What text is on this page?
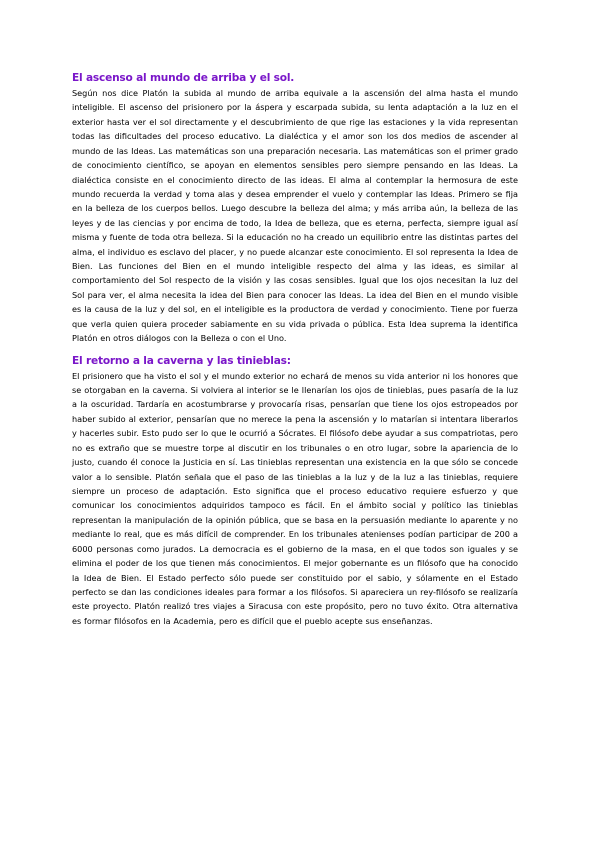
El ascenso al mundo de arriba y el sol.

Según nos dice Platón la subida al mundo de arriba equivale a la ascensión del alma hasta el mundo inteligible. El ascenso del prisionero por la áspera y escarpada subida, su lenta adaptación a la luz en el exterior hasta ver el sol directamente y el descubrimiento de que rige las estaciones y la vida representan todas las dificultades del proceso educativo. La dialéctica y el amor son los dos medios de ascender al mundo de las Ideas. Las matemáticas son una preparación necesaria. Las matemáticas son el primer grado de conocimiento científico, se apoyan en elementos sensibles pero siempre pensando en las Ideas. La dialéctica consiste en el conocimiento directo de las ideas. El alma al contemplar la hermosura de este mundo recuerda la verdad y toma alas y desea emprender el vuelo y contemplar las Ideas. Primero se fija en la belleza de los cuerpos bellos. Luego descubre la belleza del alma; y más arriba aún, la belleza de las leyes y de las ciencias y por encima de todo, la Idea de belleza, que es eterna, perfecta, siempre igual así misma y fuente de toda otra belleza. Si la educación no ha creado un equilibrio entre las distintas partes del alma, el individuo es esclavo del placer, y no puede alcanzar este conocimiento. El sol representa la Idea de Bien. Las funciones del Bien en el mundo inteligible respecto del alma y las ideas, es similar al comportamiento del Sol respecto de la visión y las cosas sensibles. Igual que los ojos necesitan la luz del Sol para ver, el alma necesita la idea del Bien para conocer las Ideas. La idea del Bien en el mundo visible es la causa de la luz y del sol, en el inteligible es la productora de verdad y conocimiento. Tiene por fuerza que verla quien quiera proceder sabiamente en su vida privada o pública. Esta Idea suprema la identifica Platón en otros diálogos con la Belleza o con el Uno.

El retorno a la caverna y las tinieblas:

El prisionero que ha visto el sol y el mundo exterior no echará de menos su vida anterior ni los honores que se otorgaban en la caverna. Si volviera al interior se le llenarían los ojos de tinieblas, pues pasaría de la luz a la oscuridad. Tardaría en acostumbrarse y provocaría risas, pensarían que tiene los ojos estropeados por haber subido al exterior, pensarían que no merece la pena la ascensión y lo matarían si intentara liberarlos y hacerles subir. Esto pudo ser lo que le ocurrió a Sócrates. El filósofo debe ayudar a sus compatriotas, pero no es extraño que se muestre torpe al discutir en los tribunales o en otro lugar, sobre la apariencia de lo justo, cuando él conoce la Justicia en sí. Las tinieblas representan una existencia en la que sólo se concede valor a lo sensible. Platón señala que el paso de las tinieblas a la luz y de la luz a las tinieblas, requiere siempre un proceso de adaptación. Esto significa que el proceso educativo requiere esfuerzo y que comunicar los conocimientos adquiridos tampoco es fácil. En el ámbito social y político las tinieblas representan la manipulación de la opinión pública, que se basa en la persuasión mediante lo aparente y no mediante lo real, que es más difícil de comprender. En los tribunales atenienses podían participar de 200 a 6000 personas como jurados. La democracia es el gobierno de la masa, en el que todos son iguales y se elimina el poder de los que tienen más conocimientos. El mejor gobernante es un filósofo que ha conocido la Idea de Bien. El Estado perfecto sólo puede ser constituido por el sabio, y sólamente en el Estado perfecto se dan las condiciones ideales para formar a los filósofos. Si apareciera un rey-filósofo se realizaría este proyecto. Platón realizó tres viajes a Siracusa con este propósito, pero no tuvo éxito. Otra alternativa es formar filósofos en la Academia, pero es difícil que el pueblo acepte sus enseñanzas.
